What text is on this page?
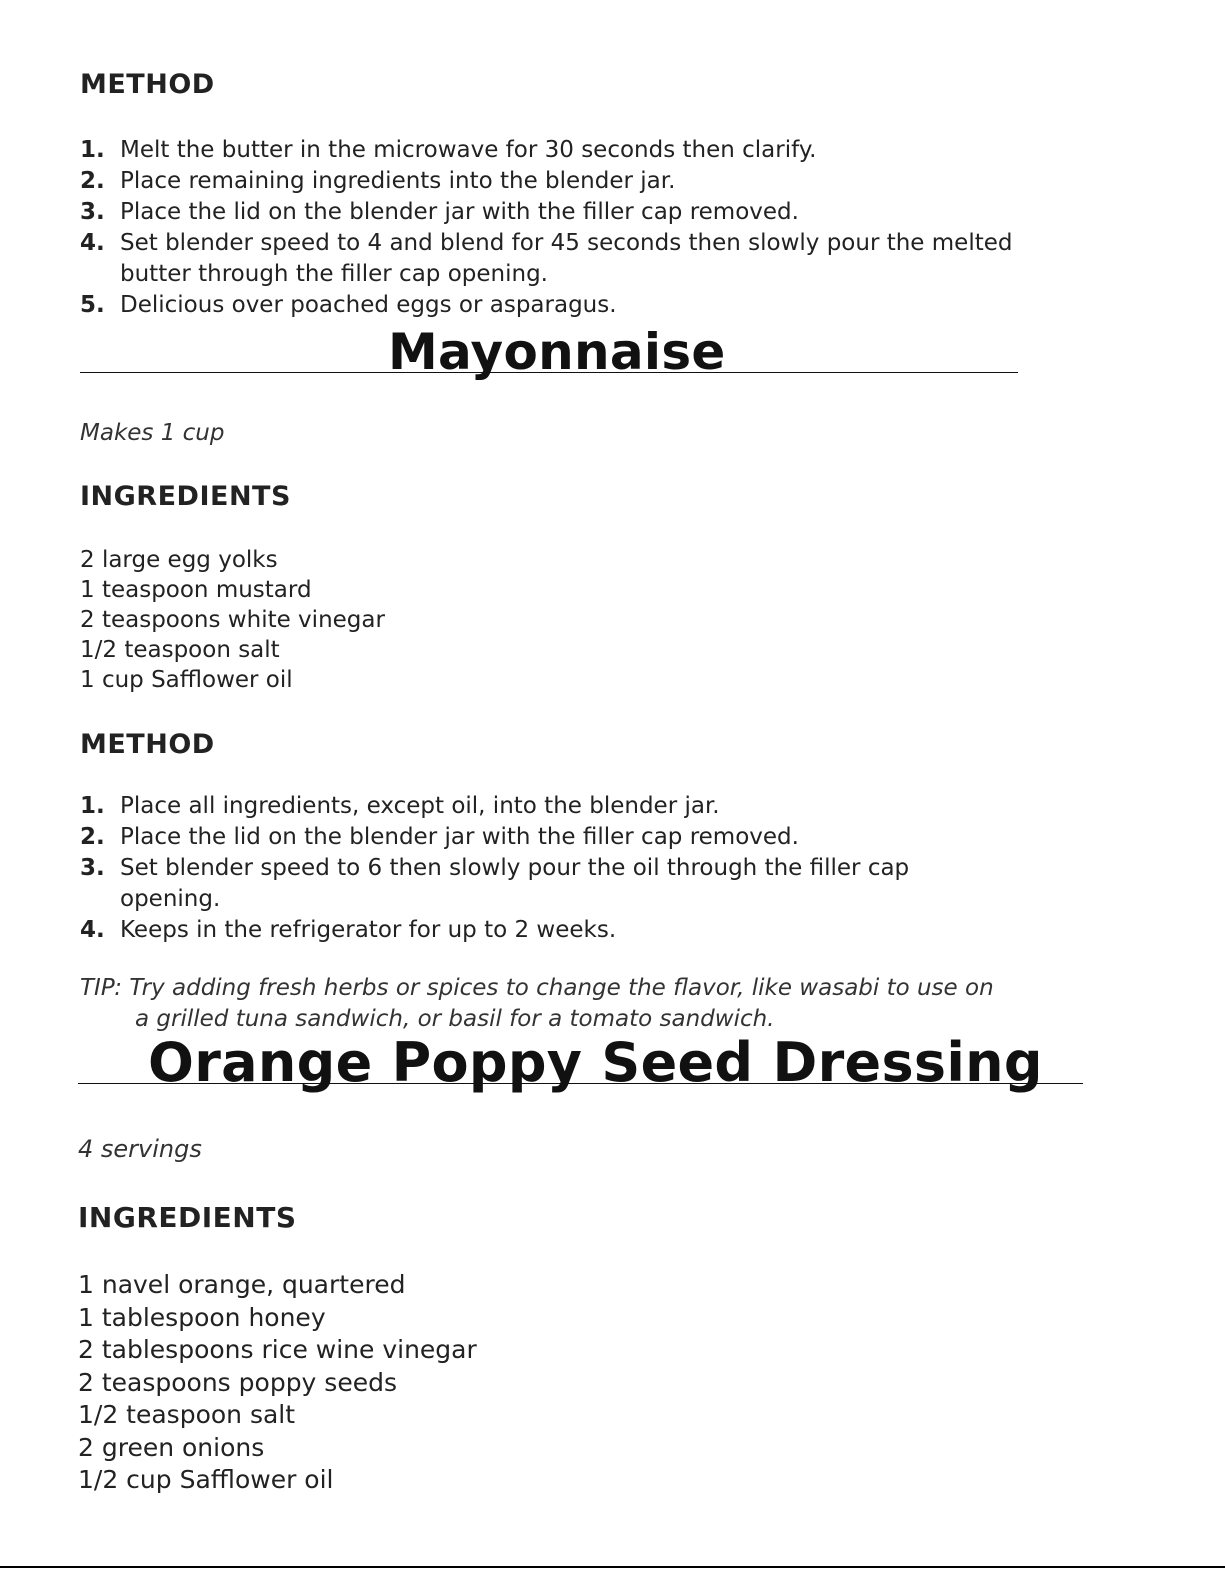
METHOD
1. Melt the butter in the microwave for 30 seconds then clarify.
2. Place remaining ingredients into the blender jar.
3. Place the lid on the blender jar with the filler cap removed.
4. Set blender speed to 4 and blend for 45 seconds then slowly pour the melted butter through the filler cap opening.
5. Delicious over poached eggs or asparagus.
Mayonnaise

Makes 1 cup

INGREDIENTS
2 large egg yolks
1 teaspoon mustard
2 teaspoons white vinegar
1/2 teaspoon salt
1 cup Safflower oil
METHOD
1. Place all ingredients, except oil, into the blender jar.
2. Place the lid on the blender jar with the filler cap removed.
3. Set blender speed to 6 then slowly pour the oil through the filler cap opening.
4. Keeps in the refrigerator for up to 2 weeks.

TIP: Try adding fresh herbs or spices to change the flavor, like wasabi to use on a grilled tuna sandwich, or basil for a tomato sandwich.

Orange Poppy Seed Dressing

4 servings

INGREDIENTS
1 navel orange, quartered
1 tablespoon honey
2 tablespoons rice wine vinegar
2 teaspoons poppy seeds
1/2 teaspoon salt
2 green onions
1/2 cup Safflower oil
